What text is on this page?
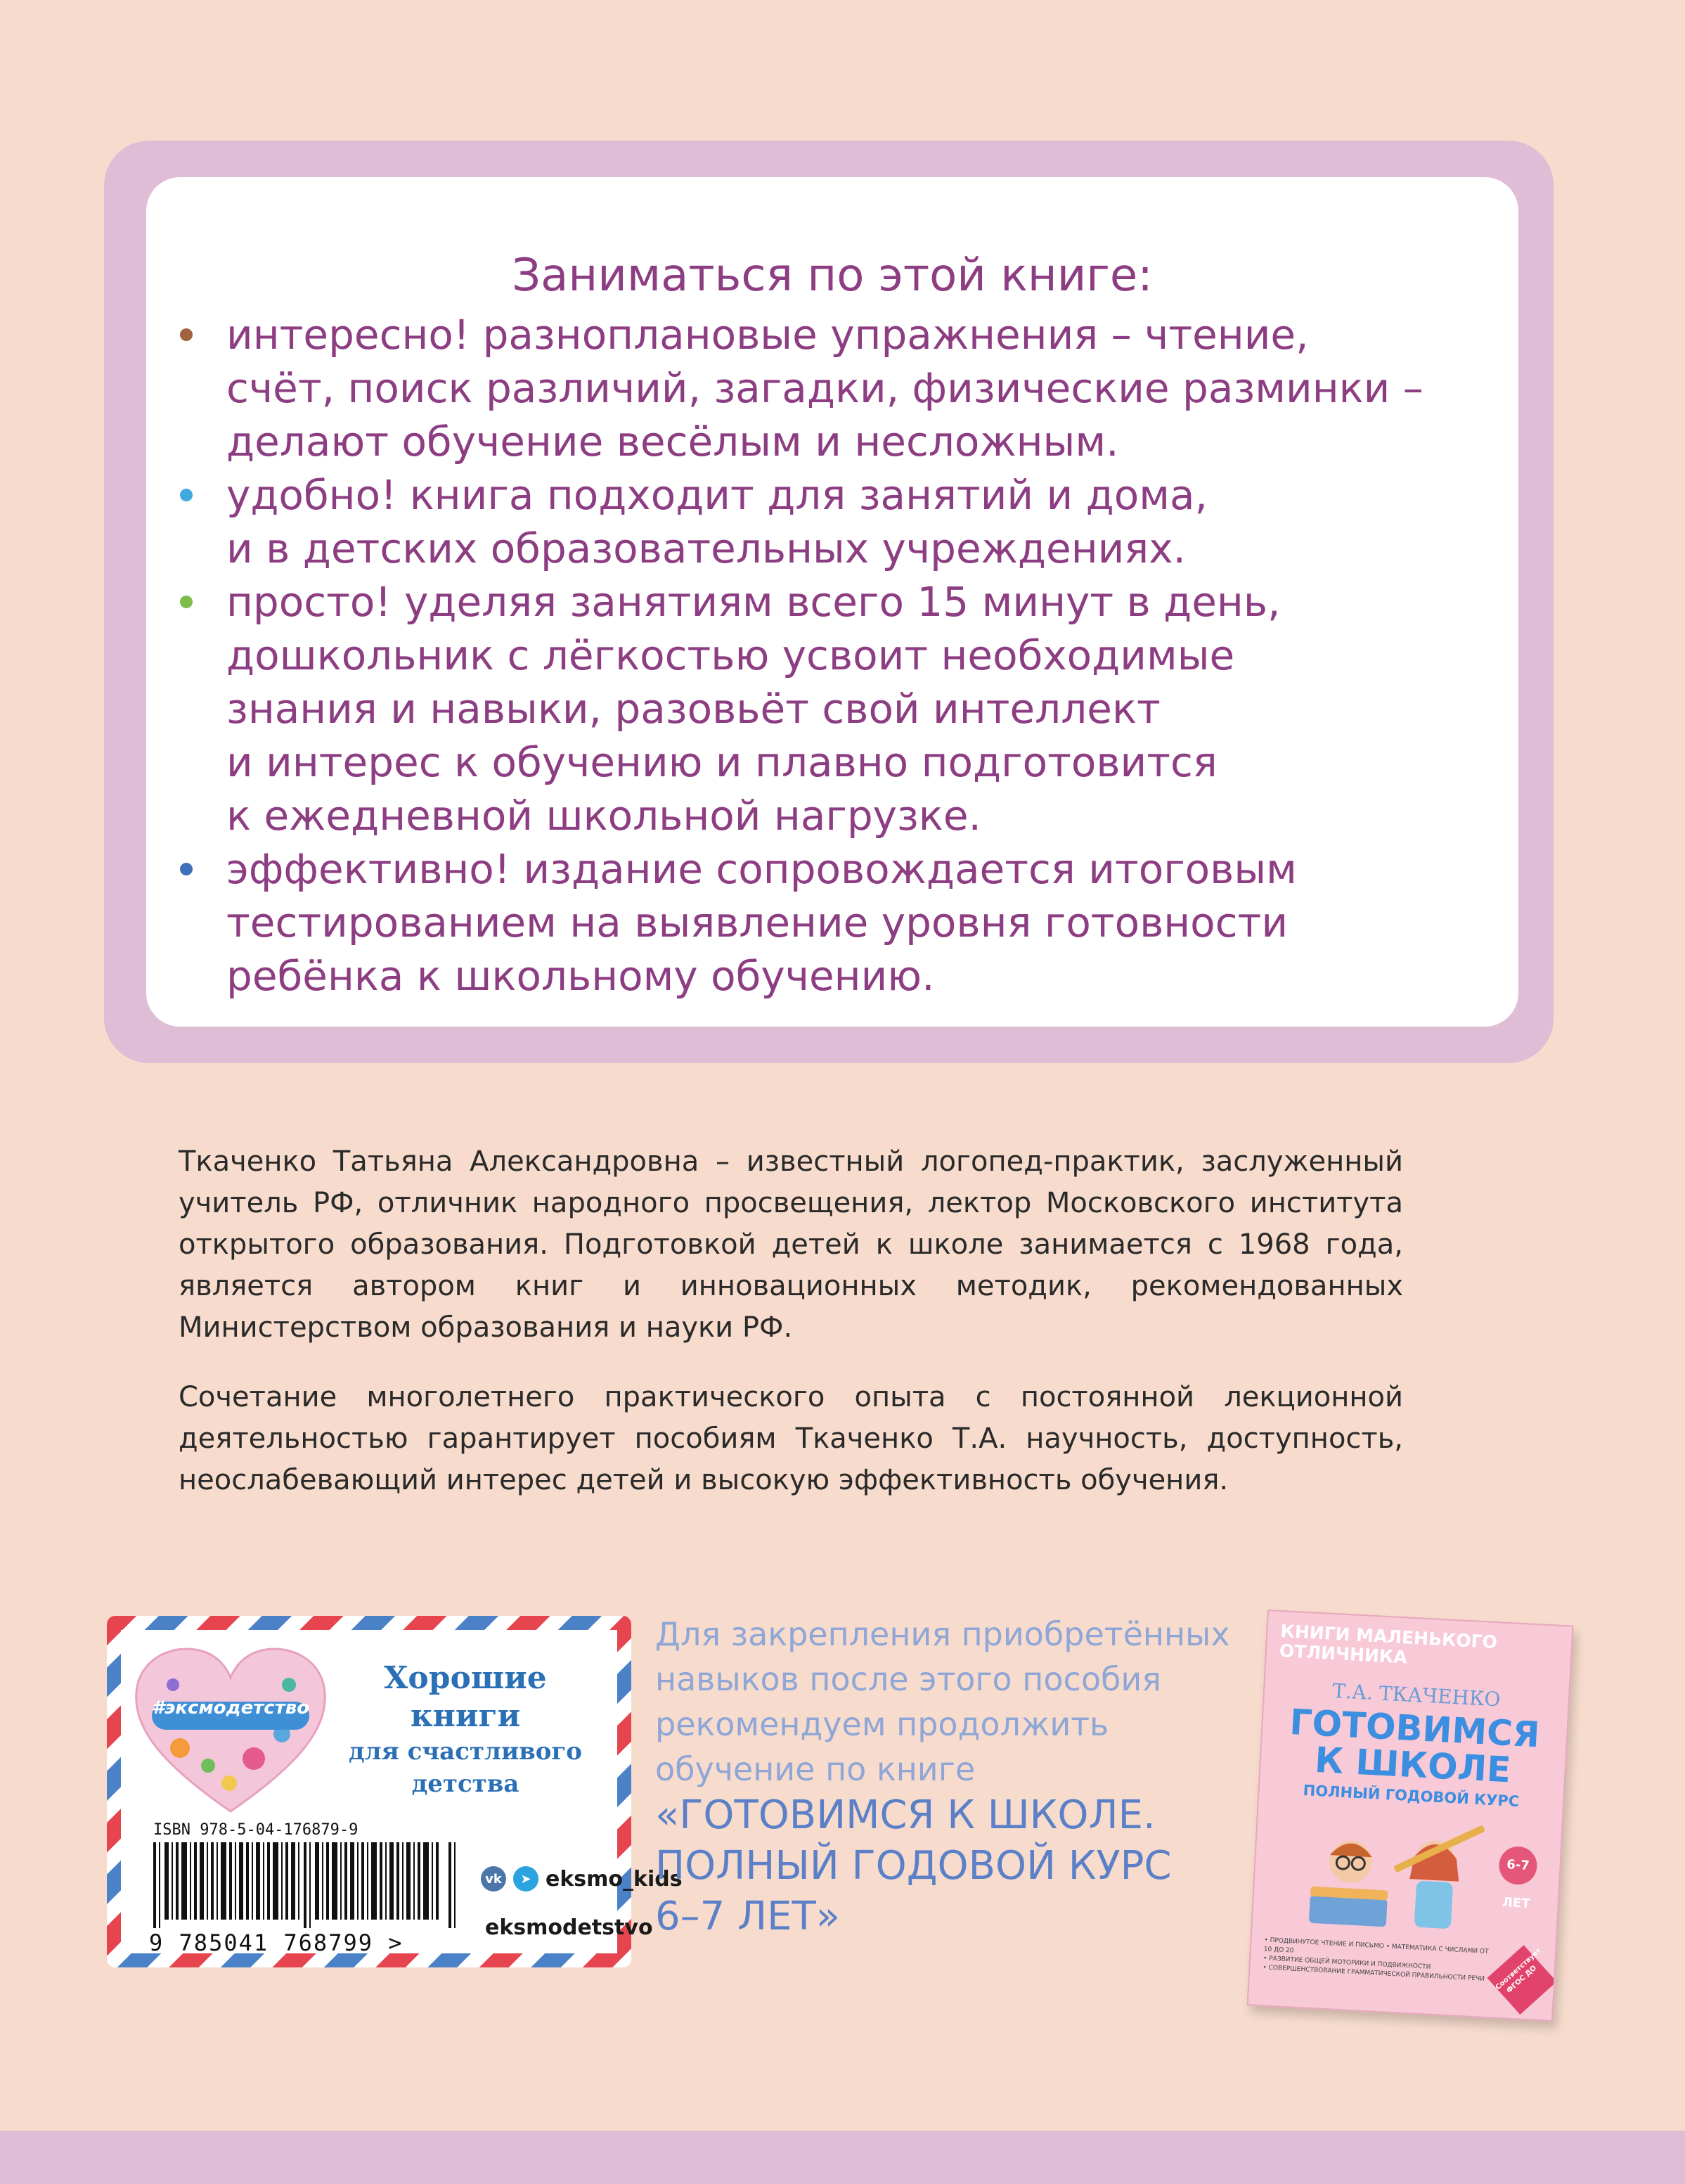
Заниматься по этой книге:
интересно! разноплановые упражнения – чтение,
счёт, поиск различий, загадки, физические разминки –
делают обучение весёлым и несложным.
удобно! книга подходит для занятий и дома,
и в детских образовательных учреждениях.
просто! уделяя занятиям всего 15 минут в день,
дошкольник с лёгкостью усвоит необходимые
знания и навыки, разовьёт свой интеллект
и интерес к обучению и плавно подготовится
к ежедневной школьной нагрузке.
эффективно! издание сопровождается итоговым
тестированием на выявление уровня готовности
ребёнка к школьному обучению.
Ткаченко Татьяна Александровна – известный логопед-практик, заслуженный учитель РФ, отличник народного просвещения, лектор Московского института открытого образования. Подготовкой детей к школе занимается с 1968 года, является автором книг и инновационных методик, рекомендованных Министерством образования и науки РФ.
Сочетание многолетнего практического опыта с постоянной лекционной деятельностью гарантирует пособиям Ткаченко Т.А. научность, доступность, неослабевающий интерес детей и высокую эффективность обучения.
#эксмодетство
Хорошие
книги
для счастливого
детства
ISBN 978-5-04-176879-9
9 785041 768799 >
vk	➤ eksmo_kids
eksmodetstvo
Для закрепления приобретённых
навыков после этого пособия
рекомендуем продолжить
обучение по книге
«ГОТОВИМСЯ К ШКОЛЕ.
ПОЛНЫЙ ГОДОВОЙ КУРС
6–7 ЛЕТ»
КНИГИ МАЛЕНЬКОГО
ОТЛИЧНИКА
Т.А. ТКАЧЕНКО
ГОТОВИМСЯ
К ШКОЛЕ
ПОЛНЫЙ ГОДОВОЙ КУРС
6-7 ЛЕТ
• ПРОДВИНУТОЕ ЧТЕНИЕ И ПИСЬМО • МАТЕМАТИКА С ЧИСЛАМИ ОТ 10 ДО 20
• РАЗВИТИЕ ОБЩЕЙ МОТОРИКИ И ПОДВИЖНОСТИ
• СОВЕРШЕНСТВОВАНИЕ ГРАММАТИЧЕСКОЙ ПРАВИЛЬНОСТИ РЕЧИ	Соответствует ФГОС ДО
